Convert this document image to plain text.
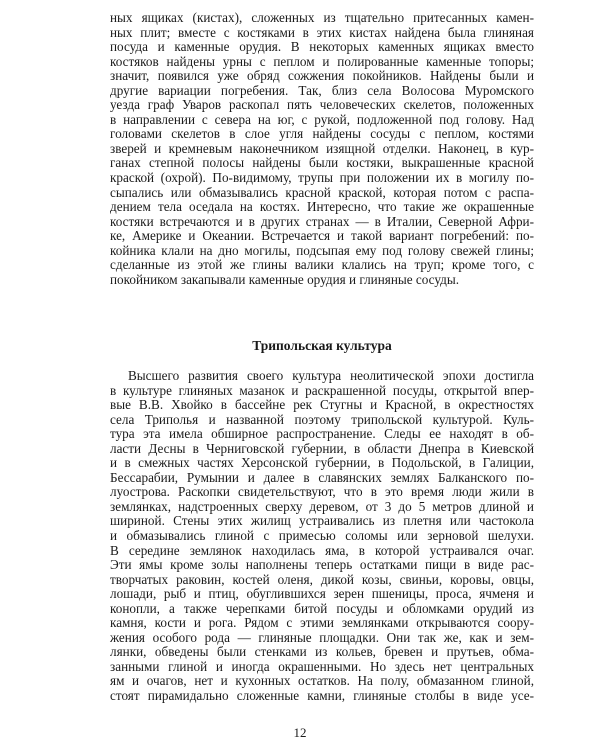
ных ящиках (кистах), сложенных из тщательно притесанных камен-
ных плит; вместе с костяками в этих кистах найдена была глиняная
посуда и каменные орудия. В некоторых каменных ящиках вместо
костяков найдены урны с пеплом и полированные каменные топоры;
значит, появился уже обряд сожжения покойников. Найдены были и
другие вариации погребения. Так, близ села Волосова Муромского
уезда граф Уваров раскопал пять человеческих скелетов, положенных
в направлении с севера на юг, с рукой, подложенной под голову. Над
головами скелетов в слое угля найдены сосуды с пеплом, костями
зверей и кремневым наконечником изящной отделки. Наконец, в кур-
ганах степной полосы найдены были костяки, выкрашенные красной
краской (охрой). По-видимому, трупы при положении их в могилу по-
сыпались или обмазывались красной краской, которая потом с распа-
дением тела оседала на костях. Интересно, что такие же окрашенные
костяки встречаются и в других странах — в Италии, Северной Афри-
ке, Америке и Океании. Встречается и такой вариант погребений: по-
койника клали на дно могилы, подсыпая ему под голову свежей глины;
сделанные из этой же глины валики клались на труп; кроме того, с
покойником закапывали каменные орудия и глиняные сосуды.
Трипольская культура
Высшего развития своего культура неолитической эпохи достигла
в культуре глиняных мазанок и раскрашенной посуды, открытой впер-
вые В.В. Хвойко в бассейне рек Стугны и Красной, в окрестностях
села Триполья и названной поэтому трипольской культурой. Куль-
тура эта имела обширное распространение. Следы ее находят в об-
ласти Десны в Черниговской губернии, в области Днепра в Киевской
и в смежных частях Херсонской губернии, в Подольской, в Галиции,
Бессарабии, Румынии и далее в славянских землях Балканского по-
луострова. Раскопки свидетельствуют, что в это время люди жили в
землянках, надстроенных сверху деревом, от 3 до 5 метров длиной и
шириной. Стены этих жилищ устраивались из плетня или частокола
и обмазывались глиной с примесью соломы или зерновой шелухи.
В середине землянок находилась яма, в которой устраивался очаг.
Эти ямы кроме золы наполнены теперь остатками пищи в виде рас-
творчатых раковин, костей оленя, дикой козы, свиньи, коровы, овцы,
лошади, рыб и птиц, обуглившихся зерен пшеницы, проса, ячменя и
конопли, а также черепками битой посуды и обломками орудий из
камня, кости и рога. Рядом с этими землянками открываются соору-
жения особого рода — глиняные площадки. Они так же, как и зем-
лянки, обведены были стенками из кольев, бревен и прутьев, обма-
занными глиной и иногда окрашенными. Но здесь нет центральных
ям и очагов, нет и кухонных остатков. На полу, обмазанном глиной,
стоят пирамидально сложенные камни, глиняные столбы в виде усе-
12
